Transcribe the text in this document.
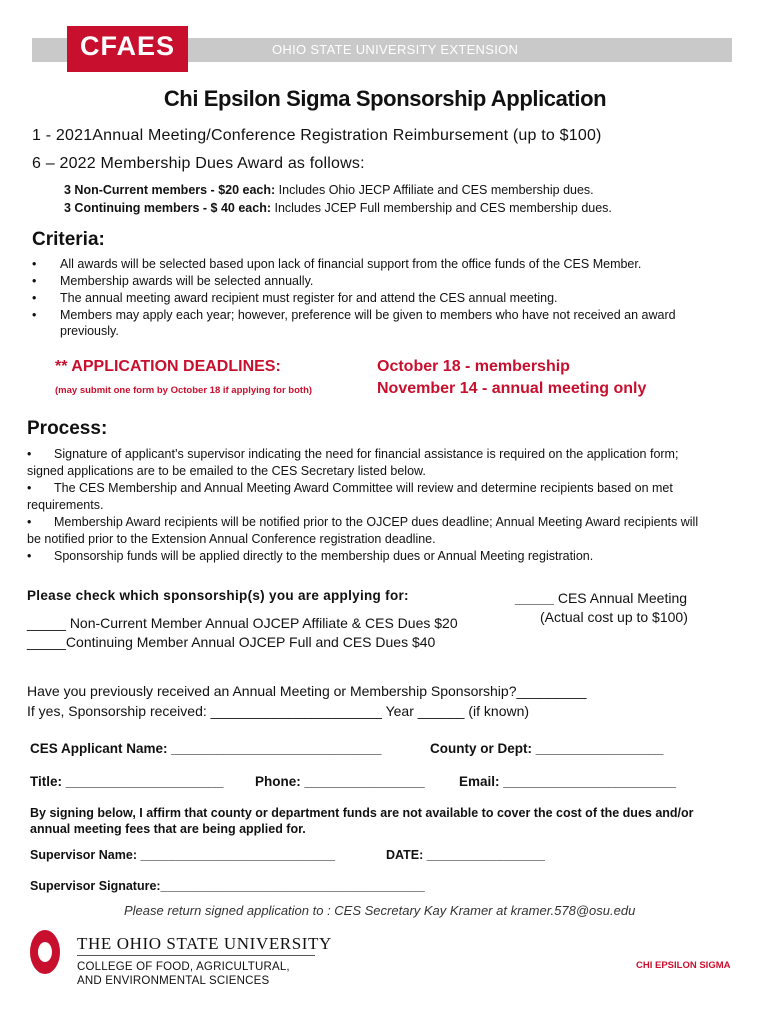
OHIO STATE UNIVERSITY EXTENSION
CFAES
Chi Epsilon Sigma Sponsorship Application
1 - 2021Annual Meeting/Conference Registration Reimbursement (up to $100)
6 – 2022 Membership Dues Award as follows:
3 Non-Current members - $20 each: Includes Ohio JECP Affiliate and CES membership dues.
3 Continuing members - $ 40 each: Includes JCEP Full membership and CES membership dues.
Criteria:
• All awards will be selected based upon lack of financial support from the office funds of the CES Member.
• Membership awards will be selected annually.
• The annual meeting award recipient must register for and attend the CES annual meeting.
• Members may apply each year; however, preference will be given to members who have not received an award previously.
** APPLICATION DEADLINES:
(may submit one form by October 18 if applying for both)
October 18 - membership
November 14 - annual meeting only
Process:
• Signature of applicant’s supervisor indicating the need for financial assistance is required on the application form; signed applications are to be emailed to the CES Secretary listed below.
• The CES Membership and Annual Meeting Award Committee will review and determine recipients based on met requirements.
• Membership Award recipients will be notified prior to the OJCEP dues deadline; Annual Meeting Award recipients will be notified prior to the Extension Annual Conference registration deadline.
• Sponsorship funds will be applied directly to the membership dues or Annual Meeting registration.
Please check which sponsorship(s) you are applying for:
_____ Non-Current Member Annual OJCEP Affiliate & CES Dues $20
_____Continuing Member Annual OJCEP Full and CES Dues $40
_____ CES Annual Meeting
(Actual cost up to $100)
Have you previously received an Annual Meeting or Membership Sponsorship?_________
If yes, Sponsorship received: ______________________ Year ______ (if known)
CES Applicant Name: ____________________________	County or Dept: _________________
Title: _____________________ Phone: ________________	Email: _______________________
By signing below, I affirm that county or department funds are not available to cover the cost of the dues and/or annual meeting fees that are being applied for.
Supervisor Name: ____________________________	DATE: _________________
Supervisor Signature:______________________________________
Please return signed application to : CES Secretary Kay Kramer at kramer.578@osu.edu
THE OHIO STATE UNIVERSITY
COLLEGE OF FOOD, AGRICULTURAL,
AND ENVIRONMENTAL SCIENCES
CHI EPSILON SIGMA
